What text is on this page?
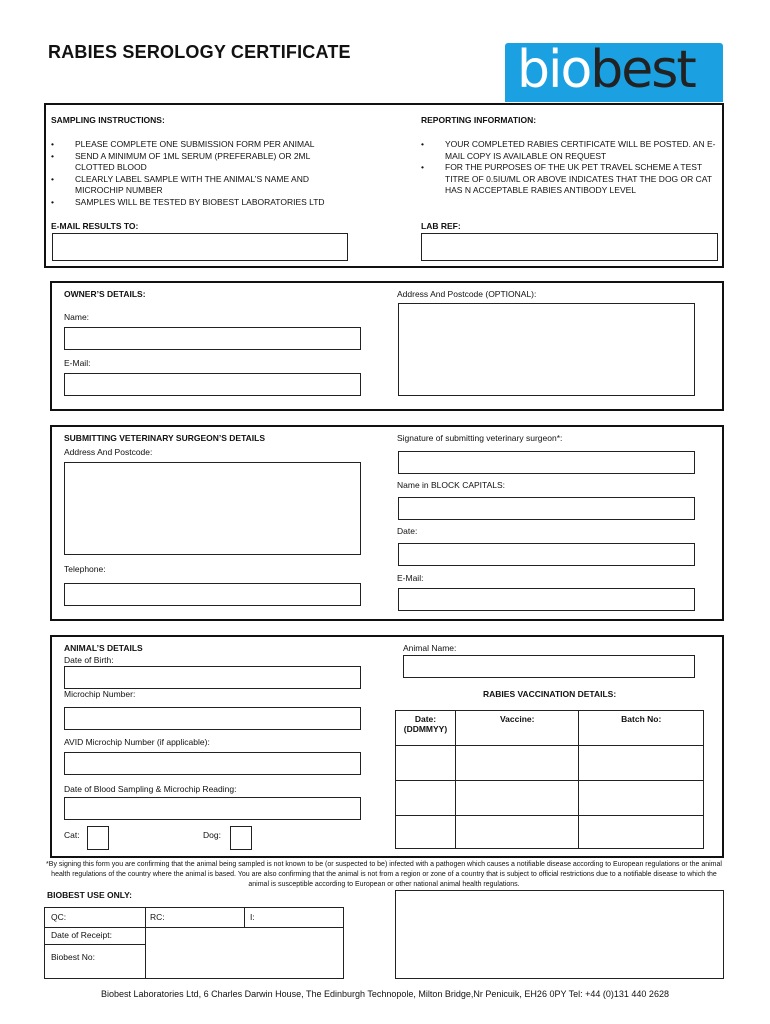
RABIES SEROLOGY CERTIFICATE	biobest
SAMPLING INSTRUCTIONS:
• PLEASE COMPLETE ONE SUBMISSION FORM PER ANIMAL
• SEND A MINIMUM OF 1ML SERUM (PREFERABLE) OR 2ML CLOTTED BLOOD
• CLEARLY LABEL SAMPLE WITH THE ANIMAL’S NAME AND MICROCHIP NUMBER
• SAMPLES WILL BE TESTED BY BIOBEST LABORATORIES LTD
REPORTING INFORMATION:
• YOUR COMPLETED RABIES CERTIFICATE WILL BE POSTED. AN E-MAIL COPY IS AVAILABLE ON REQUEST
• FOR THE PURPOSES OF THE UK PET TRAVEL SCHEME A TEST TITRE OF 0.5IU/ML OR ABOVE INDICATES THAT THE DOG OR CAT HAS N ACCEPTABLE RABIES ANTIBODY LEVEL
E-MAIL RESULTS TO:	LAB REF:
OWNER’S DETAILS:
Name:
E-Mail:
Address And Postcode (OPTIONAL):
SUBMITTING VETERINARY SURGEON’S DETAILS
Address And Postcode:
Telephone:
Signature of submitting veterinary surgeon*:
Name in BLOCK CAPITALS:
Date:
E-Mail:
ANIMAL’S DETAILS
Date of Birth:
Animal Name:
Microchip Number:
AVID Microchip Number (if applicable):
Date of Blood Sampling & Microchip Reading:
Cat:	Dog:
RABIES VACCINATION DETAILS:
Date:
(DDMMYY)	Vaccine:	Batch No:

*By signing this form you are confirming that the animal being sampled is not known to be (or suspected to be) infected with a pathogen which causes a notifiable disease according to European regulations or the animal health regulations of the country where the animal is based. You are also confirming that the animal is not from a region or zone of a country that is subject to official restrictions due to a notifiable disease to which the animal is susceptible according to European or other national animal health regulations.
BIOBEST USE ONLY:
QC:	RC:	I:
Date of Receipt:
Biobest No:
Biobest Laboratories Ltd, 6 Charles Darwin House, The Edinburgh Technopole, Milton Bridge,Nr Penicuik, EH26 0PY Tel: +44 (0)131 440 2628
